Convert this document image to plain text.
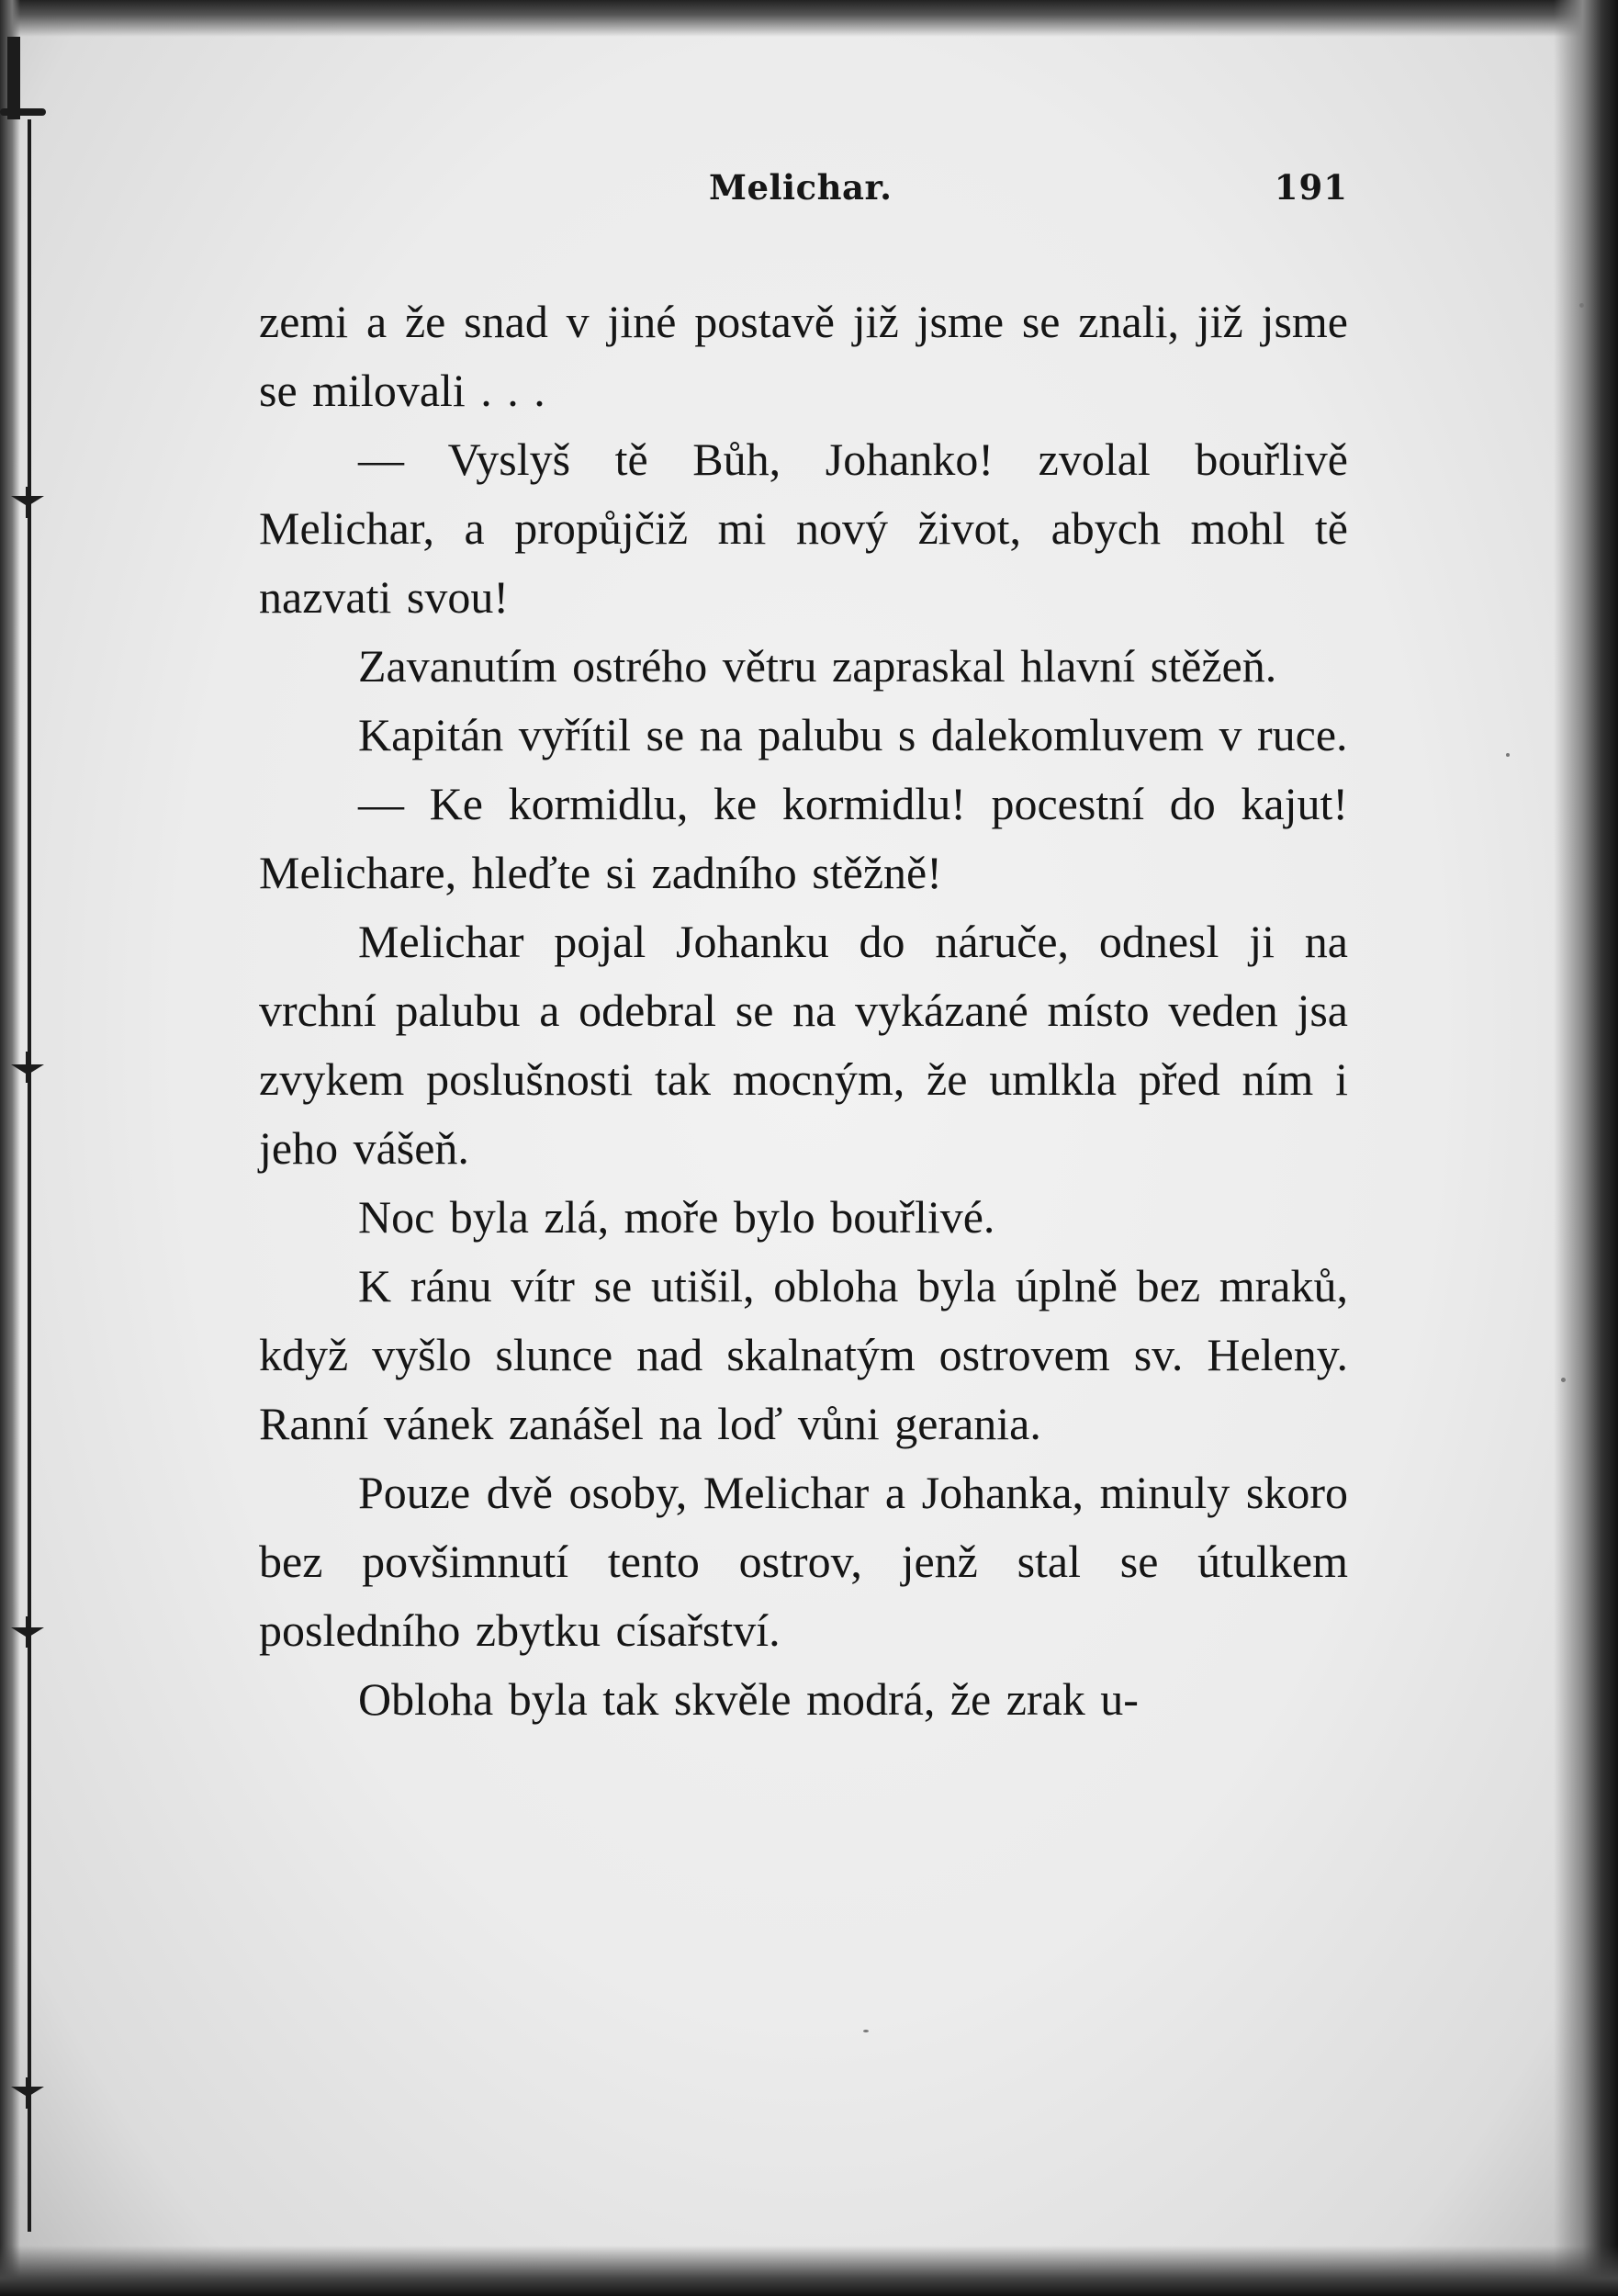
Melichar.	191

zemi a že snad v jiné postavě již jsme se znali, již jsme se milovali . . .

— Vyslyš tě Bůh, Johanko! zvolal bouřlivě Melichar, a propůjčiž mi nový život, abych mohl tě nazvati svou!

Zavanutím ostrého větru zapraskal hlavní stěžeň.

Kapitán vyřítil se na palubu s dalekomluvem v ruce.

— Ke kormidlu, ke kormidlu! pocestní do kajut! Melichare, hleďte si zadního stěžně!

Melichar pojal Johanku do náruče, odnesl ji na vrchní palubu a odebral se na vykázané místo veden jsa zvykem poslušnosti tak mocným, že umlkla před ním i jeho vášeň.

Noc byla zlá, moře bylo bouřlivé.

K ránu vítr se utišil, obloha byla úplně bez mraků, když vyšlo slunce nad skalnatým ostrovem sv. Heleny. Ranní vánek zanášel na loď vůni gerania.

Pouze dvě osoby, Melichar a Johanka, minuly skoro bez povšimnutí tento ostrov, jenž stal se útulkem posledního zbytku císařství.

Obloha byla tak skvěle modrá, že zrak u-
